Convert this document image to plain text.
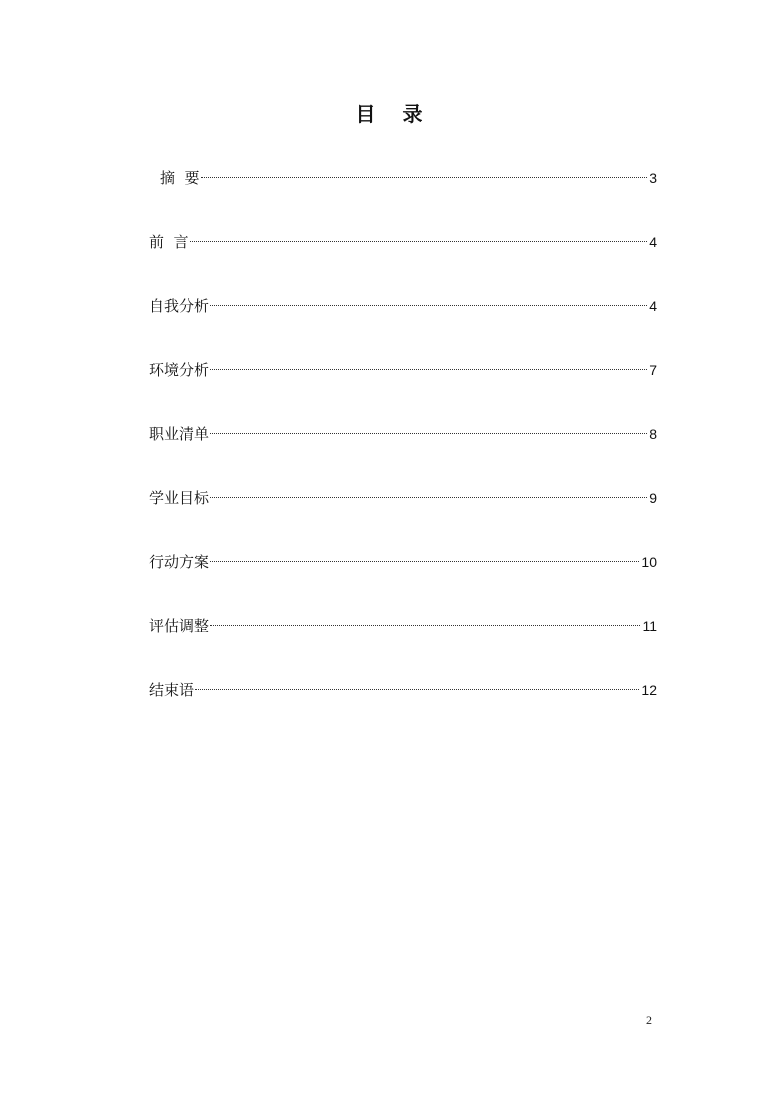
目 录
摘  要	3
前  言	4
自我分析	4
环境分析	7
职业清单	8
学业目标	9
行动方案	10
评估调整	11
结束语	12
2
